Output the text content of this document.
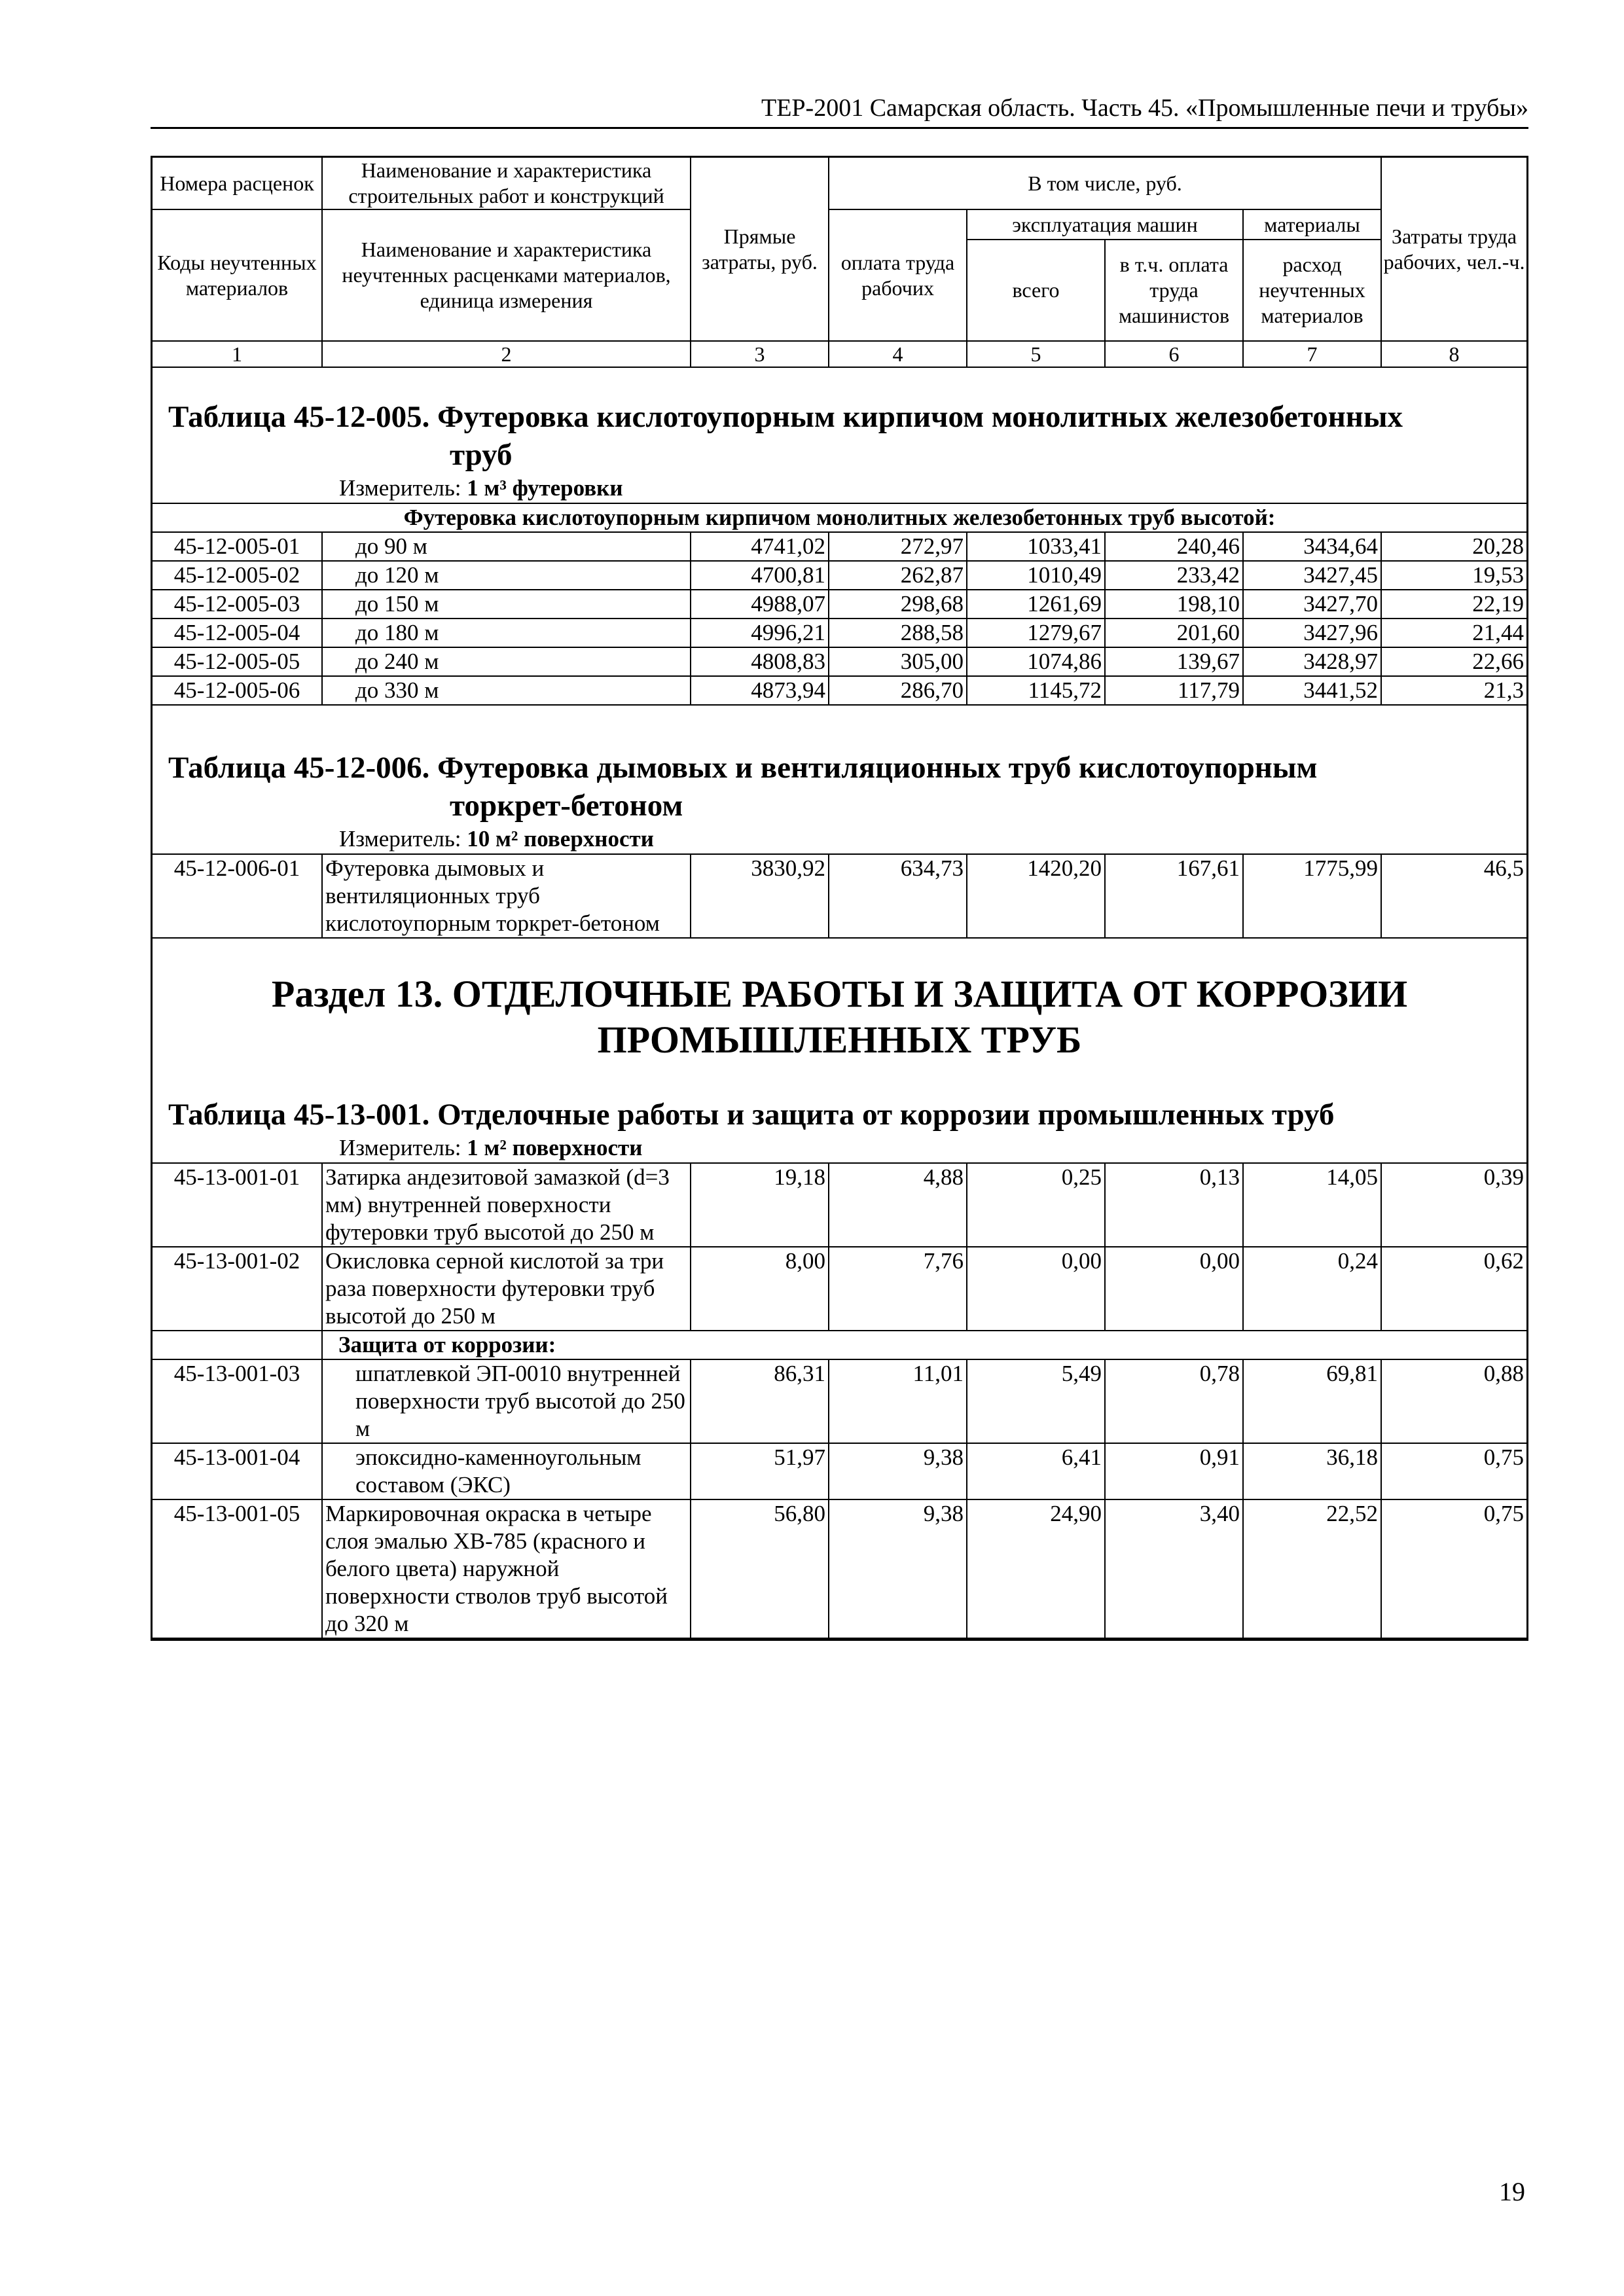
ТЕР-2001 Самарская область. Часть 45. «Промышленные печи и трубы»
Номера расценок	Наименование и характеристика строительных работ и конструкций	Прямые затраты, руб.	В том числе, руб.				Затраты труда рабочих, чел.-ч.
Коды неучтенных материалов	Наименование и характеристика неучтенных расценками материалов, единица измерения		оплата труда рабочих	эксплуатация машин		материалы	
				всего	в т.ч. оплата труда машинистов	расход неучтенных материалов	

1	2	3	4	5	6	7	8
Таблица 45-12-005. Футеровка кислотоупорным кирпичом монолитных железобетонных
труб
Измеритель: 1 м³ футеровки
Футеровка кислотоупорным кирпичом монолитных железобетонных труб высотой:							
45-12-005-01	до 90 м	4741,02	272,97	1033,41	240,46	3434,64	20,28
45-12-005-02	до 120 м	4700,81	262,87	1010,49	233,42	3427,45	19,53
45-12-005-03	до 150 м	4988,07	298,68	1261,69	198,10	3427,70	22,19
45-12-005-04	до 180 м	4996,21	288,58	1279,67	201,60	3427,96	21,44
45-12-005-05	до 240 м	4808,83	305,00	1074,86	139,67	3428,97	22,66
45-12-005-06	до 330 м	4873,94	286,70	1145,72	117,79	3441,52	21,3
Таблица 45-12-006. Футеровка дымовых и вентиляционных труб кислотоупорным
торкрет-бетоном
Измеритель: 10 м² поверхности
45-12-006-01	Футеровка дымовых и вентиляционных труб кислотоупорным торкрет-бетоном	3830,92	634,73	1420,20	167,61	1775,99	46,5
Раздел 13. ОТДЕЛОЧНЫЕ РАБОТЫ И ЗАЩИТА ОТ КОРРОЗИИ
ПРОМЫШЛЕННЫХ ТРУБ
Таблица 45-13-001. Отделочные работы и защита от коррозии промышленных труб
Измеритель: 1 м² поверхности
45-13-001-01	Затирка андезитовой замазкой (d=3 мм) внутренней поверхности футеровки труб высотой до 250 м	19,18	4,88	0,25	0,13	14,05	0,39
45-13-001-02	Окисловка серной кислотой за три раза поверхности футеровки труб высотой до 250 м	8,00	7,76	0,00	0,00	0,24	0,62
	Защита от коррозии:						
45-13-001-03	шпатлевкой ЭП-0010 внутренней поверхности труб высотой до 250 м	86,31	11,01	5,49	0,78	69,81	0,88
45-13-001-04	эпоксидно-каменноугольным составом (ЭКС)	51,97	9,38	6,41	0,91	36,18	0,75
45-13-001-05	Маркировочная окраска в четыре слоя эмалью ХВ-785 (красного и белого цвета) наружной поверхности стволов труб высотой до 320 м	56,80	9,38	24,90	3,40	22,52	0,75
19
